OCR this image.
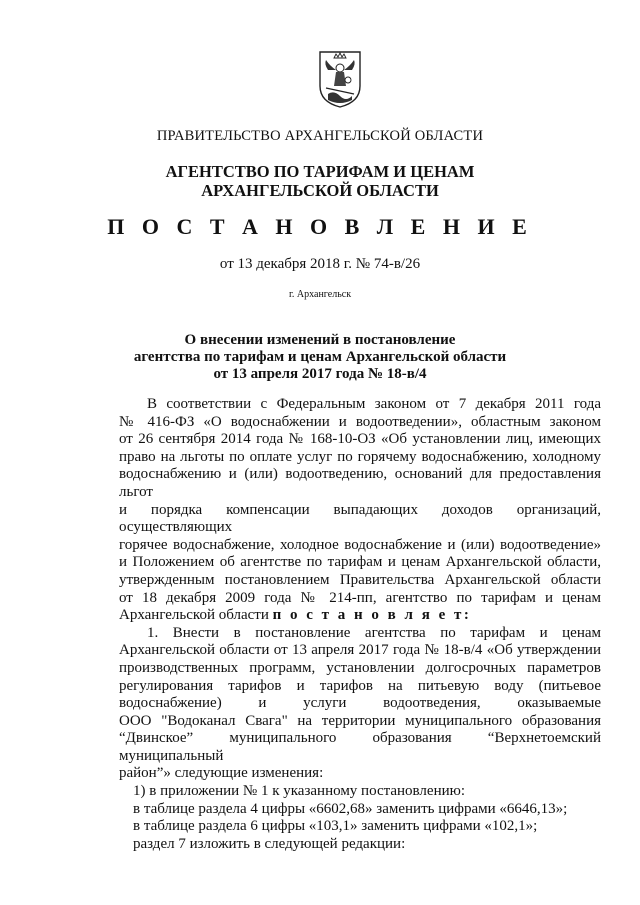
ПРАВИТЕЛЬСТВО АРХАНГЕЛЬСКОЙ ОБЛАСТИ
АГЕНТСТВО ПО ТАРИФАМ И ЦЕНАМ
АРХАНГЕЛЬСКОЙ ОБЛАСТИ
П О С Т А Н О В Л Е Н И Е
от 13 декабря 2018 г. № 74-в/26
г. Архангельск
О внесении изменений в постановление
агентства по тарифам и ценам Архангельской области
от 13 апреля 2017 года № 18-в/4
В соответствии с Федеральным законом от 7 декабря 2011 года
№ 416-ФЗ «О водоснабжении и водоотведении», областным законом
от 26 сентября 2014 года № 168-10-ОЗ «Об установлении лиц, имеющих
право на льготы по оплате услуг по горячему водоснабжению, холодному
водоснабжению и (или) водоотведению, оснований для предоставления льгот
и порядка компенсации выпадающих доходов организаций, осуществляющих
горячее водоснабжение, холодное водоснабжение и (или) водоотведение»
и Положением об агентстве по тарифам и ценам Архангельской области,
утвержденным постановлением Правительства Архангельской области
от 18 декабря 2009 года № 214-пп, агентство по тарифам и ценам
Архангельской области п о с т а н о в л я е т:
1. Внести в постановление агентства по тарифам и ценам
Архангельской области от 13 апреля 2017 года № 18-в/4 «Об утверждении
производственных программ, установлении долгосрочных параметров
регулирования тарифов и тарифов на питьевую воду (питьевое
водоснабжение) и услуги водоотведения, оказываемые
ООО "Водоканал Свага" на территории муниципального образования
“Двинское” муниципального образования “Верхнетоемский муниципальный
район”» следующие изменения:
1) в приложении № 1 к указанному постановлению:
в таблице раздела 4 цифры «6602,68» заменить цифрами «6646,13»;
в таблице раздела 6 цифры «103,1» заменить цифрами «102,1»;
раздел 7 изложить в следующей редакции:
